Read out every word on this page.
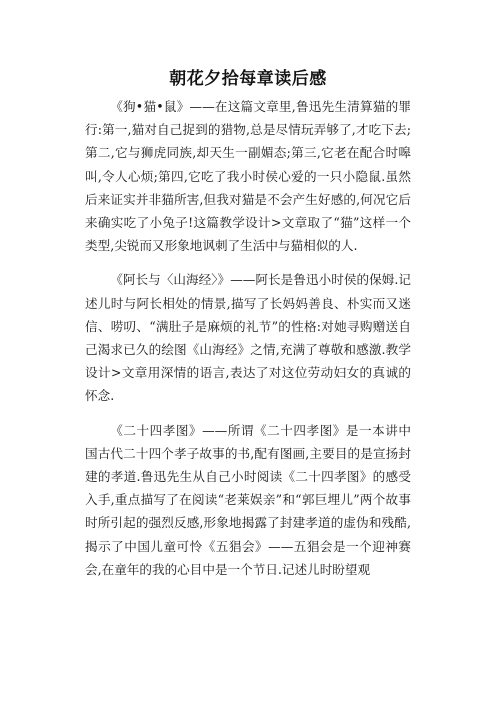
朝花夕拾每章读后感

《狗•猫•鼠》——在这篇文章里,鲁迅先生清算猫的罪行:第一,猫对自己捉到的猎物,总是尽情玩弄够了,才吃下去;第二,它与狮虎同族,却天生一副媚态;第三,它老在配合时嗥叫,令人心烦;第四,它吃了我小时侯心爱的一只小隐鼠.虽然后来证实并非猫所害,但我对猫是不会产生好感的,何况它后来确实吃了小兔子!这篇教学设计>文章取了“猫”这样一个类型,尖锐而又形象地讽刺了生活中与猫相似的人.

《阿长与〈山海经〉》——阿长是鲁迅小时侯的保姆.记述儿时与阿长相处的情景,描写了长妈妈善良、朴实而又迷信、唠叨、“满肚子是麻烦的礼节”的性格:对她寻购赠送自己渴求已久的绘图《山海经》之情,充满了尊敬和感激.教学设计>文章用深情的语言,表达了对这位劳动妇女的真诚的怀念.

《二十四孝图》——所谓《二十四孝图》是一本讲中国古代二十四个孝子故事的书,配有图画,主要目的是宣扬封建的孝道.鲁迅先生从自己小时阅读《二十四孝图》的感受入手,重点描写了在阅读“老莱娱亲”和“郭巨埋儿”两个故事时所引起的强烈反感,形象地揭露了封建孝道的虚伪和残酷,揭示了中国儿童可怜《五猖会》——五猖会是一个迎神赛会,在童年的我的心目中是一个节日.记述儿时盼望观
